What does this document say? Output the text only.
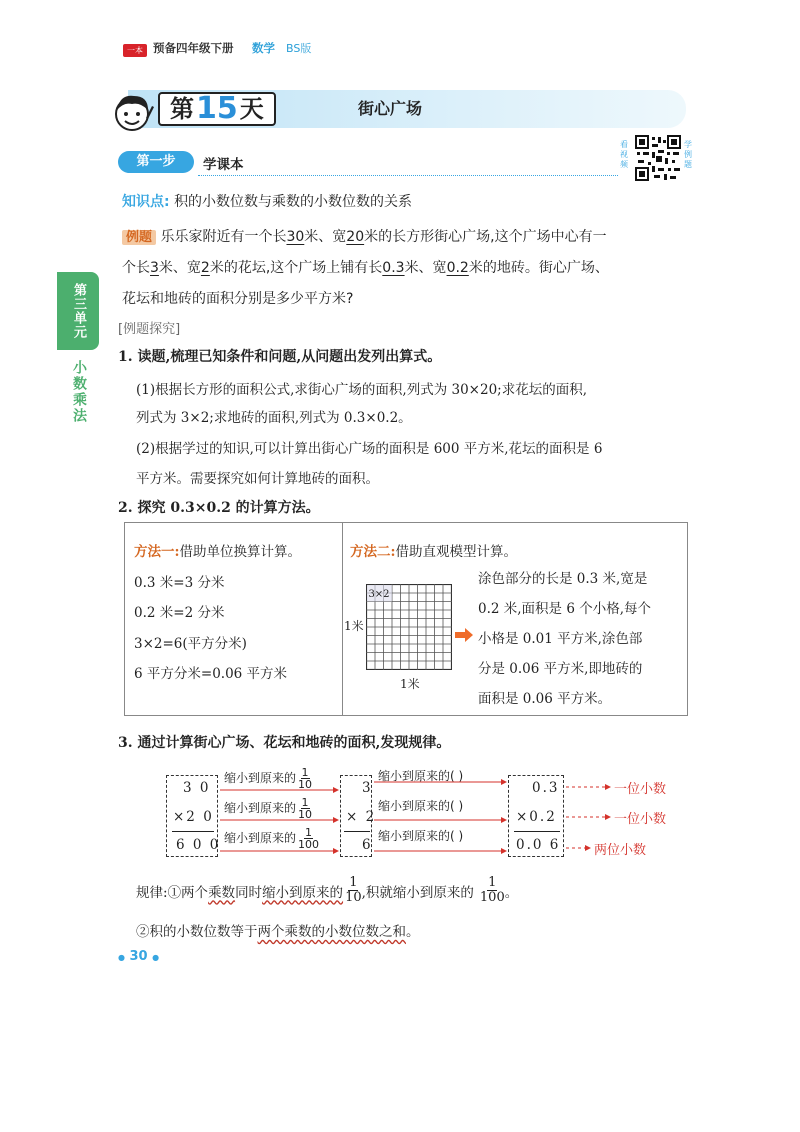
一本 预备四年级下册 数学 BS版
第 15 天	街心广场
第一步	学课本
看视频
学例题
第三单元
小数乘法
知识点: 积的小数位数与乘数的小数位数的关系
例题 乐乐家附近有一个长30米、宽20米的长方形街心广场,这个广场中心有一
个长3米、宽2米的花坛,这个广场上铺有长0.3米、宽0.2米的地砖。街心广场、
花坛和地砖的面积分别是多少平方米?
[例题探究]
1. 读题,梳理已知条件和问题,从问题出发列出算式。
(1)根据长方形的面积公式,求街心广场的面积,列式为 30×20;求花坛的面积,
列式为 3×2;求地砖的面积,列式为 0.3×0.2。
(2)根据学过的知识,可以计算出街心广场的面积是 600 平方米,花坛的面积是 6
平方米。需要探究如何计算地砖的面积。
2. 探究 0.3×0.2 的计算方法。
方法一:借助单位换算计算。
0.3 米=3 分米
0.2 米=2 分米
3×2=6(平方分米)
6 平方分米=0.06 平方米
方法二:借助直观模型计算。
1米
3×2
1米
涂色部分的长是 0.3 米,宽是
0.2 米,面积是 6 个小格,每个
小格是 0.01 平方米,涂色部
分是 0.06 平方米,即地砖的
面积是 0.06 平方米。
3. 通过计算街心广场、花坛和地砖的面积,发现规律。
3 0
×2 0
6 0 0
3
× 2
6
0.3
×0.2
0.0 6
缩小到原来的 $\frac{1}{10}$
缩小到原来的 $\frac{1}{10}$
缩小到原来的 $\frac{1}{100}$
缩小到原来的( )
缩小到原来的( )
缩小到原来的( )
一位小数
一位小数
两位小数
规律: ①两个 乘数 同时 缩小到原来的 $\frac{1}{10}$ ,积就缩小到原来的 $\frac{1}{100}$ 。
②积的小数位数等于两个乘数的小数位数之和。
● 30 ●
